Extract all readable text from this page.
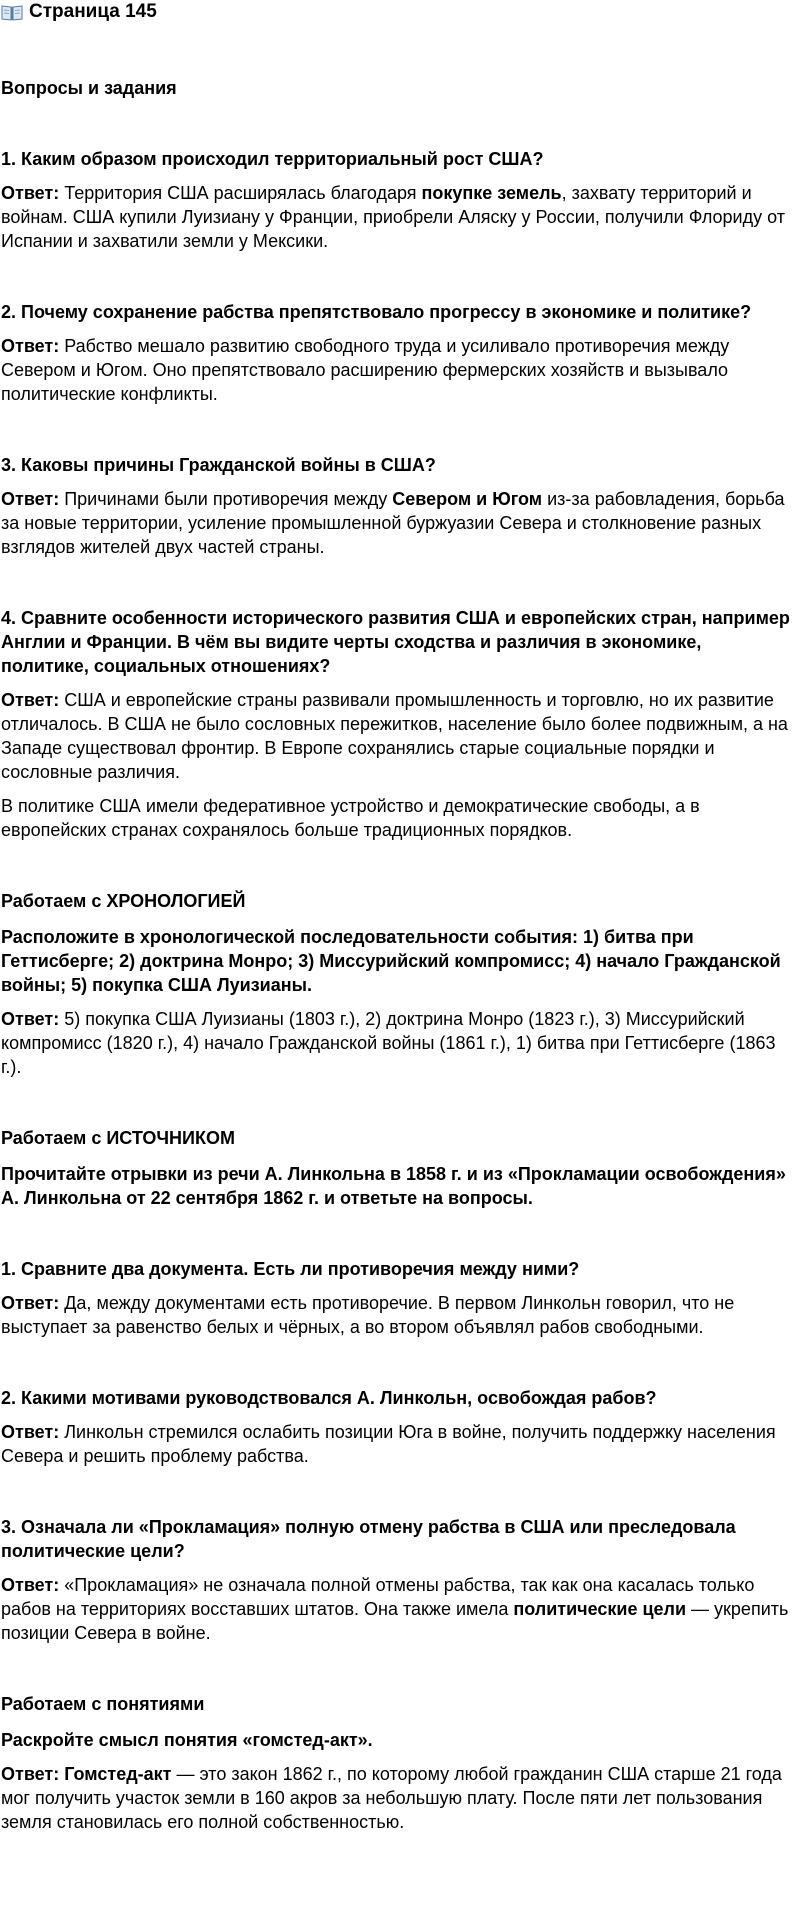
Страница 145

Вопросы и задания

1. Каким образом происходил территориальный рост США?

Ответ: Территория США расширялась благодаря покупке земель, захвату территорий и войнам. США купили Луизиану у Франции, приобрели Аляску у России, получили Флориду от Испании и захватили земли у Мексики.

2. Почему сохранение рабства препятствовало прогрессу в экономике и политике?

Ответ: Рабство мешало развитию свободного труда и усиливало противоречия между Севером и Югом. Оно препятствовало расширению фермерских хозяйств и вызывало политические конфликты.

3. Каковы причины Гражданской войны в США?

Ответ: Причинами были противоречия между Севером и Югом из-за рабовладения, борьба за новые территории, усиление промышленной буржуазии Севера и столкновение разных взглядов жителей двух частей страны.

4. Сравните особенности исторического развития США и европейских стран, например Англии и Франции. В чём вы видите черты сходства и различия в экономике, политике, социальных отношениях?

Ответ: США и европейские страны развивали промышленность и торговлю, но их развитие отличалось. В США не было сословных пережитков, население было более подвижным, а на Западе существовал фронтир. В Европе сохранялись старые социальные порядки и сословные различия.

В политике США имели федеративное устройство и демократические свободы, а в европейских странах сохранялось больше традиционных порядков.

Работаем с ХРОНОЛОГИЕЙ

Расположите в хронологической последовательности события: 1) битва при Геттисберге; 2) доктрина Монро; 3) Миссурийский компромисс; 4) начало Гражданской войны; 5) покупка США Луизианы.

Ответ: 5) покупка США Луизианы (1803 г.), 2) доктрина Монро (1823 г.), 3) Миссурийский компромисс (1820 г.), 4) начало Гражданской войны (1861 г.), 1) битва при Геттисберге (1863 г.).

Работаем с ИСТОЧНИКОМ

Прочитайте отрывки из речи А. Линкольна в 1858 г. и из «Прокламации освобождения» А. Линкольна от 22 сентября 1862 г. и ответьте на вопросы.

1. Сравните два документа. Есть ли противоречия между ними?

Ответ: Да, между документами есть противоречие. В первом Линкольн говорил, что не выступает за равенство белых и чёрных, а во втором объявлял рабов свободными.

2. Какими мотивами руководствовался А. Линкольн, освобождая рабов?

Ответ: Линкольн стремился ослабить позиции Юга в войне, получить поддержку населения Севера и решить проблему рабства.

3. Означала ли «Прокламация» полную отмену рабства в США или преследовала политические цели?

Ответ: «Прокламация» не означала полной отмены рабства, так как она касалась только рабов на территориях восставших штатов. Она также имела политические цели — укрепить позиции Севера в войне.

Работаем с понятиями

Раскройте смысл понятия «гомстед-акт».

Ответ: Гомстед-акт — это закон 1862 г., по которому любой гражданин США старше 21 года мог получить участок земли в 160 акров за небольшую плату. После пяти лет пользования земля становилась его полной собственностью.
